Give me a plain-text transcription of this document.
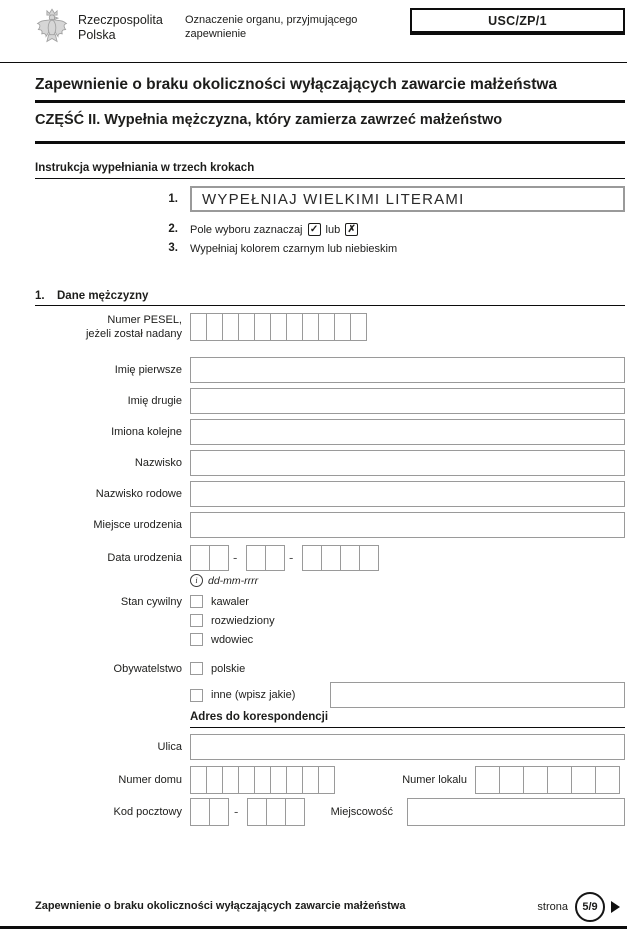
Rzeczpospolita
Polska
Oznaczenie organu, przyjmującego zapewnienie
USC/ZP/1
Zapewnienie o braku okoliczności wyłączających zawarcie małżeństwa
CZĘŚĆ II. Wypełnia mężczyzna, który zamierza zawrzeć małżeństwo
Instrukcja wypełniania w trzech krokach
1. WYPEŁNIAJ WIELKIMI LITERAMI
2. Pole wyboru zaznaczaj ✓ lub ✗
3. Wypełniaj kolorem czarnym lub niebieskim
1. Dane mężczyzny
Numer PESEL,
jeżeli został nadany
Imię pierwsze
Imię drugie
Imiona kolejne
Nazwisko
Nazwisko rodowe
Miejsce urodzenia
Data urodzenia	-	-
i dd-mm-rrrr
Stan cywilny	kawaler
rozwiedziony
wdowiec
Obywatelstwo	polskie
inne (wpisz jakie)
Adres do korespondencji
Ulica
Numer domu	Numer lokalu
Kod pocztowy	-	Miejscowość
Zapewnienie o braku okoliczności wyłączających zawarcie małżeństwa	strona	5/9
